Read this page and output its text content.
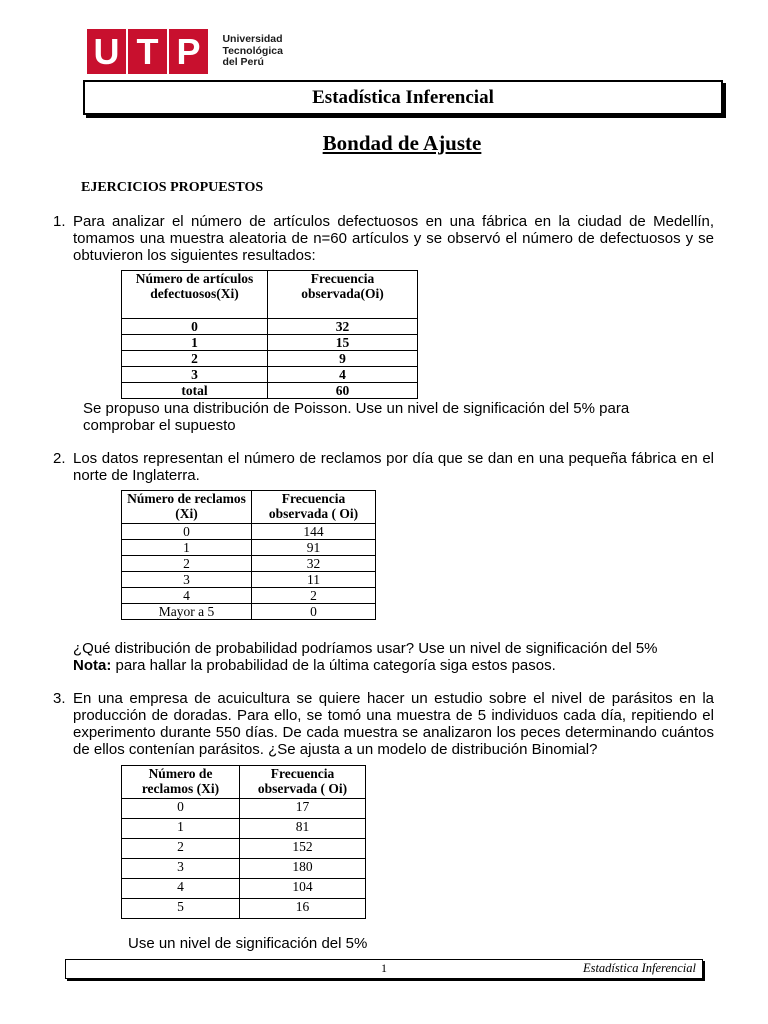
U T P Universidad
Tecnológica
del Perú
Estadística Inferencial
Bondad de Ajuste
EJERCICIOS PROPUESTOS
1. Para analizar el número de artículos defectuosos en una fábrica en la ciudad de Medellín, tomamos una muestra aleatoria de n=60 artículos y se observó el número de defectuosos y se obtuvieron los siguientes resultados:
Número de artículos defectuosos(Xi)	Frecuencia observada(Oi)
0	32
1	15
2	9
3	4
total	60
Se propuso una distribución de Poisson. Use un nivel de significación del 5% para comprobar el supuesto
2. Los datos representan el número de reclamos por día que se dan en una pequeña fábrica en el norte de Inglaterra.
Número de reclamos (Xi)	Frecuencia observada ( Oi)
0	144
1	91
2	32
3	11
4	2
Mayor a 5	0
¿Qué distribución de probabilidad podríamos usar? Use un nivel de significación del 5%
Nota: para hallar la probabilidad de la última categoría siga estos pasos.
3. En una empresa de acuicultura se quiere hacer un estudio sobre el nivel de parásitos en la producción de doradas. Para ello, se tomó una muestra de 5 individuos cada día, repitiendo el experimento durante 550 días. De cada muestra se analizaron los peces determinando cuántos de ellos contenían parásitos. ¿Se ajusta a un modelo de distribución Binomial?
Número de reclamos (Xi)	Frecuencia observada ( Oi)
0	17
1	81
2	152
3	180
4	104
5	16
Use un nivel de significación del 5%
1	Estadística Inferencial
